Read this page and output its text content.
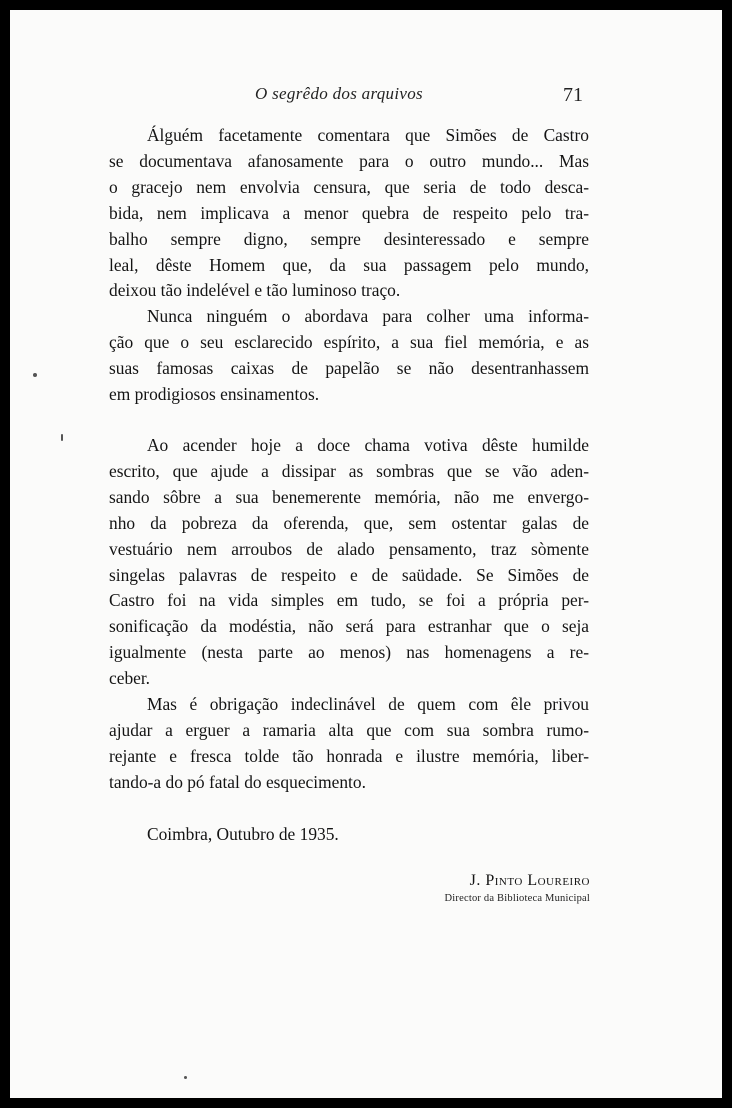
O segrêdo dos arquivos	71
Álguém facetamente comentara que Simões de Castro
se documentava afanosamente para o outro mundo... Mas
o gracejo nem envolvia censura, que seria de todo desca-
bida, nem implicava a menor quebra de respeito pelo tra-
balho sempre digno, sempre desinteressado e sempre
leal, dêste Homem que, da sua passagem pelo mundo,
deixou tão indelével e tão luminoso traço.
Nunca ninguém o abordava para colher uma informa-
ção que o seu esclarecido espírito, a sua fiel memória, e as
suas famosas caixas de papelão se não desentranhassem
em prodigiosos ensinamentos.
Ao acender hoje a doce chama votiva dêste humilde
escrito, que ajude a dissipar as sombras que se vão aden-
sando sôbre a sua benemerente memória, não me envergo-
nho da pobreza da oferenda, que, sem ostentar galas de
vestuário nem arroubos de alado pensamento, traz sòmente
singelas palavras de respeito e de saüdade. Se Simões de
Castro foi na vida simples em tudo, se foi a própria per-
sonificação da modéstia, não será para estranhar que o seja
igualmente (nesta parte ao menos) nas homenagens a re-
ceber.
Mas é obrigação indeclinável de quem com êle privou
ajudar a erguer a ramaria alta que com sua sombra rumo-
rejante e fresca tolde tão honrada e ilustre memória, liber-
tando-a do pó fatal do esquecimento.
Coimbra, Outubro de 1935.
J. Pinto Loureiro
Director da Biblioteca Municipal
